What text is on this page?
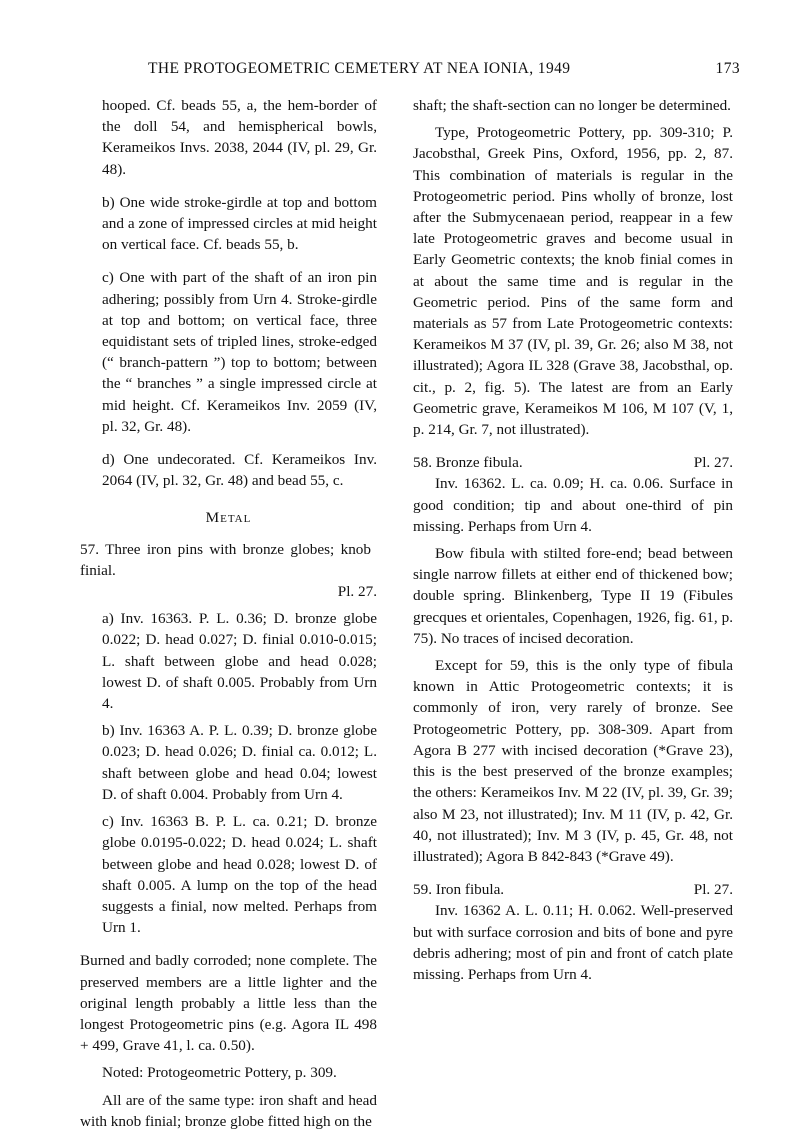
THE PROTOGEOMETRIC CEMETERY AT NEA IONIA, 1949	173

hooped. Cf. beads 55, a, the hem-border of the doll 54, and hemispherical bowls, Kerameikos Invs. 2038, 2044 (IV, pl. 29, Gr. 48).

b) One wide stroke-girdle at top and bottom and a zone of impressed circles at mid height on vertical face. Cf. beads 55, b.

c) One with part of the shaft of an iron pin adhering; possibly from Urn 4. Stroke-girdle at top and bottom; on vertical face, three equidistant sets of tripled lines, stroke-edged (“ branch-pattern ”) top to bottom; between the “ branches ” a single impressed circle at mid height. Cf. Kerameikos Inv. 2059 (IV, pl. 32, Gr. 48).

d) One undecorated. Cf. Kerameikos Inv. 2064 (IV, pl. 32, Gr. 48) and bead 55, c.

Metal
57. Three iron pins with bronze globes; knob finial.

Pl. 27.

a) Inv. 16363. P. L. 0.36; D. bronze globe 0.022; D. head 0.027; D. finial 0.010-0.015; L. shaft between globe and head 0.028; lowest D. of shaft 0.005. Probably from Urn 4.

b) Inv. 16363 A. P. L. 0.39; D. bronze globe 0.023; D. head 0.026; D. finial ca. 0.012; L. shaft between globe and head 0.04; lowest D. of shaft 0.004. Probably from Urn 4.

c) Inv. 16363 B. P. L. ca. 0.21; D. bronze globe 0.0195-0.022; D. head 0.024; L. shaft between globe and head 0.028; lowest D. of shaft 0.005. A lump on the top of the head suggests a finial, now melted. Perhaps from Urn 1.

Burned and badly corroded; none complete. The preserved members are a little lighter and the original length probably a little less than the longest Protogeometric pins (e.g. Agora IL 498 + 499, Grave 41, l. ca. 0.50).

Noted: Protogeometric Pottery, p. 309.

All are of the same type: iron shaft and head with knob finial; bronze globe fitted high on the

shaft; the shaft-section can no longer be determined.

Type, Protogeometric Pottery, pp. 309-310; P. Jacobsthal, Greek Pins, Oxford, 1956, pp. 2, 87. This combination of materials is regular in the Protogeometric period. Pins wholly of bronze, lost after the Submycenaean period, reappear in a few late Protogeometric graves and become usual in Early Geometric contexts; the knob finial comes in at about the same time and is regular in the Geometric period. Pins of the same form and materials as 57 from Late Protogeometric contexts: Kerameikos M 37 (IV, pl. 39, Gr. 26; also M 38, not illustrated); Agora IL 328 (Grave 38, Jacobsthal, op. cit., p. 2, fig. 5). The latest are from an Early Geometric grave, Kerameikos M 106, M 107 (V, 1, p. 214, Gr. 7, not illustrated).

58. Bronze fibula.	Pl. 27.

Inv. 16362. L. ca. 0.09; H. ca. 0.06. Surface in good condition; tip and about one-third of pin missing. Perhaps from Urn 4.

Bow fibula with stilted fore-end; bead between single narrow fillets at either end of thickened bow; double spring. Blinkenberg, Type II 19 (Fibules grecques et orientales, Copenhagen, 1926, fig. 61, p. 75). No traces of incised decoration.

Except for 59, this is the only type of fibula known in Attic Protogeometric contexts; it is commonly of iron, very rarely of bronze. See Protogeometric Pottery, pp. 308-309. Apart from Agora B 277 with incised decoration (*Grave 23), this is the best preserved of the bronze examples; the others: Kerameikos Inv. M 22 (IV, pl. 39, Gr. 39; also M 23, not illustrated); Inv. M 11 (IV, p. 42, Gr. 40, not illustrated); Inv. M 3 (IV, p. 45, Gr. 48, not illustrated); Agora B 842-843 (*Grave 49).

59. Iron fibula.	Pl. 27.

Inv. 16362 A. L. 0.11; H. 0.062. Well-preserved but with surface corrosion and bits of bone and pyre debris adhering; most of pin and front of catch plate missing. Perhaps from Urn 4.
